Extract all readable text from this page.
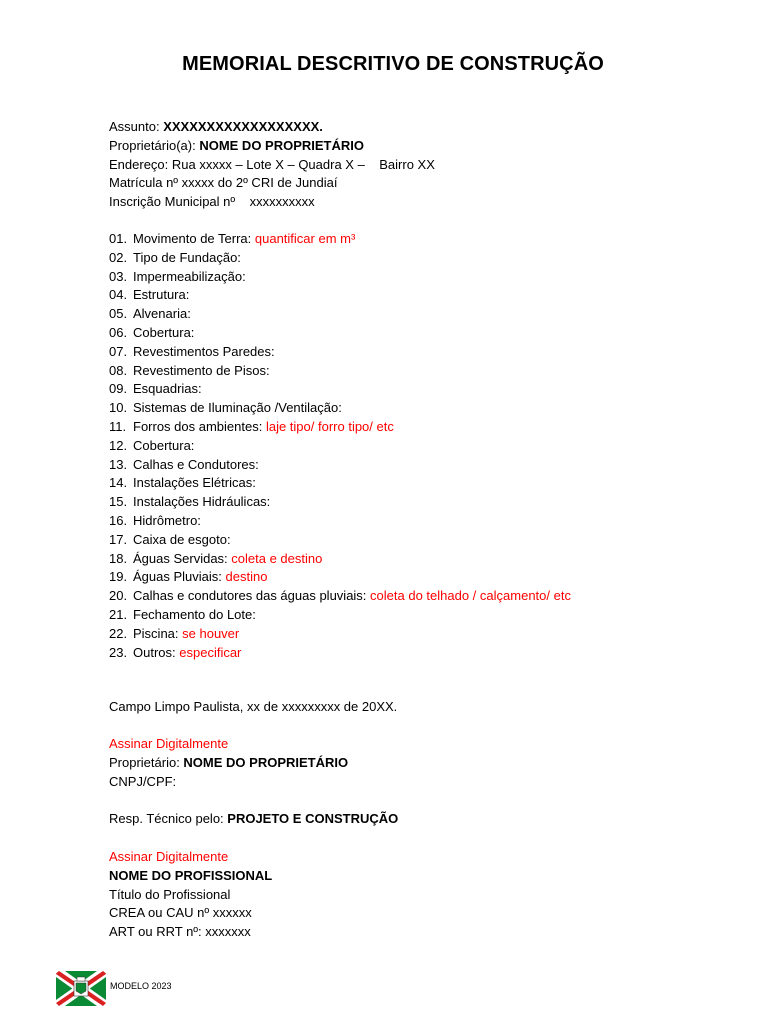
MEMORIAL DESCRITIVO DE CONSTRUÇÃO
Assunto: XXXXXXXXXXXXXXXXXX.
Proprietário(a): NOME DO PROPRIETÁRIO
Endereço: Rua xxxxx – Lote X – Quadra X –    Bairro XX
Matrícula nº xxxxx do 2º CRI de Jundiaí
Inscrição Municipal nº    xxxxxxxxxx
01. Movimento de Terra: quantificar em m³
02. Tipo de Fundação:
03. Impermeabilização:
04. Estrutura:
05. Alvenaria:
06. Cobertura:
07. Revestimentos Paredes:
08. Revestimento de Pisos:
09. Esquadrias:
10. Sistemas de Iluminação /Ventilação:
11. Forros dos ambientes: laje tipo/ forro tipo/ etc
12. Cobertura:
13. Calhas e Condutores:
14. Instalações Elétricas:
15. Instalações Hidráulicas:
16. Hidrômetro:
17. Caixa de esgoto:
18. Águas Servidas: coleta e destino
19. Águas Pluviais: destino
20. Calhas e condutores das águas pluviais: coleta do telhado / calçamento/ etc
21. Fechamento do Lote:
22. Piscina: se houver
23. Outros: especificar
Campo Limpo Paulista, xx de xxxxxxxxx de 20XX.
Assinar Digitalmente
Proprietário: NOME DO PROPRIETÁRIO
CNPJ/CPF:
Resp. Técnico pelo: PROJETO E CONSTRUÇÃO
Assinar Digitalmente
NOME DO PROFISSIONAL
Título do Profissional
CREA ou CAU nº xxxxxx
ART ou RRT nº: xxxxxxx
MODELO 2023
